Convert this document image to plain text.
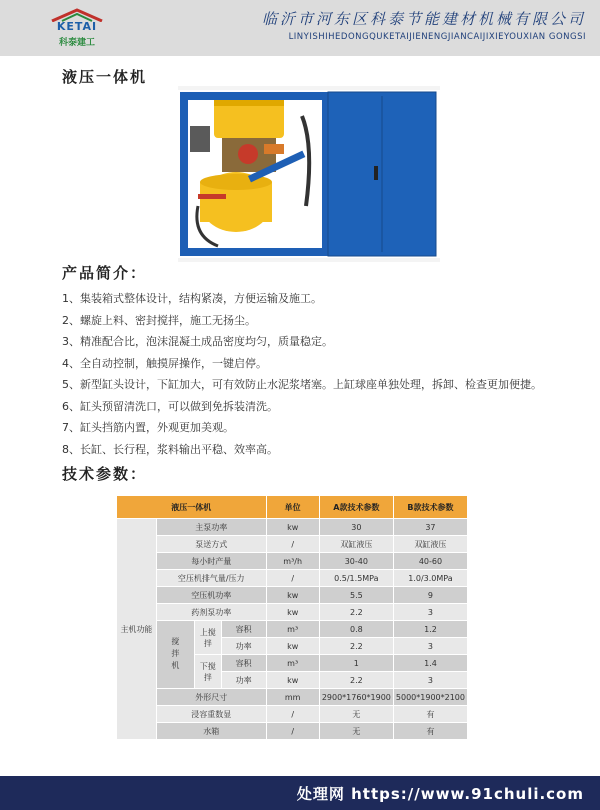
KETAI
科泰建工
临沂市河东区科泰节能建材机械有限公司
LINYISHIHEDONGQUKETAIJIENENGJIANCAIJIXIEYOUXIAN GONGSI
液压一体机
产品简介：
1、集装箱式整体设计，结构紧凑，方便运输及施工。
2、螺旋上料、密封搅拌，施工无扬尘。
3、精准配合比，泡沫混凝土成品密度均匀，质量稳定。
4、全自动控制，触摸屏操作，一键启停。
5、新型缸头设计，下缸加大，可有效防止水泥浆堵塞。上缸球座单独处理，拆卸、检查更加便捷。
6、缸头预留清洗口，可以做到免拆装清洗。
7、缸头挡筋内置，外观更加美观。
8、长缸、长行程，浆料输出平稳、效率高。
技术参数：
液压一体机				单位	A款技术参数	B款技术参数
主机功能	主泵功率			kw	30	37
	泵送方式			/	双缸液压	双缸液压
	每小时产量			m³/h	30-40	40-60
	空压机排气量/压力			/	0.5/1.5MPa	1.0/3.0MPa
	空压机功率			kw	5.5	9
	药剂泵功率			kw	2.2	3
	搅拌机	上搅拌	容积	m³	0.8	1.2
			功率	kw	2.2	3
		下搅拌	容积	m³	1	1.4
			功率	kw	2.2	3
	外形尺寸			mm	2900*1760*1900	5000*1900*2100
	浸容重数显			/	无	有
	水箱			/	无	有
处理网 https://www.91chuli.com
